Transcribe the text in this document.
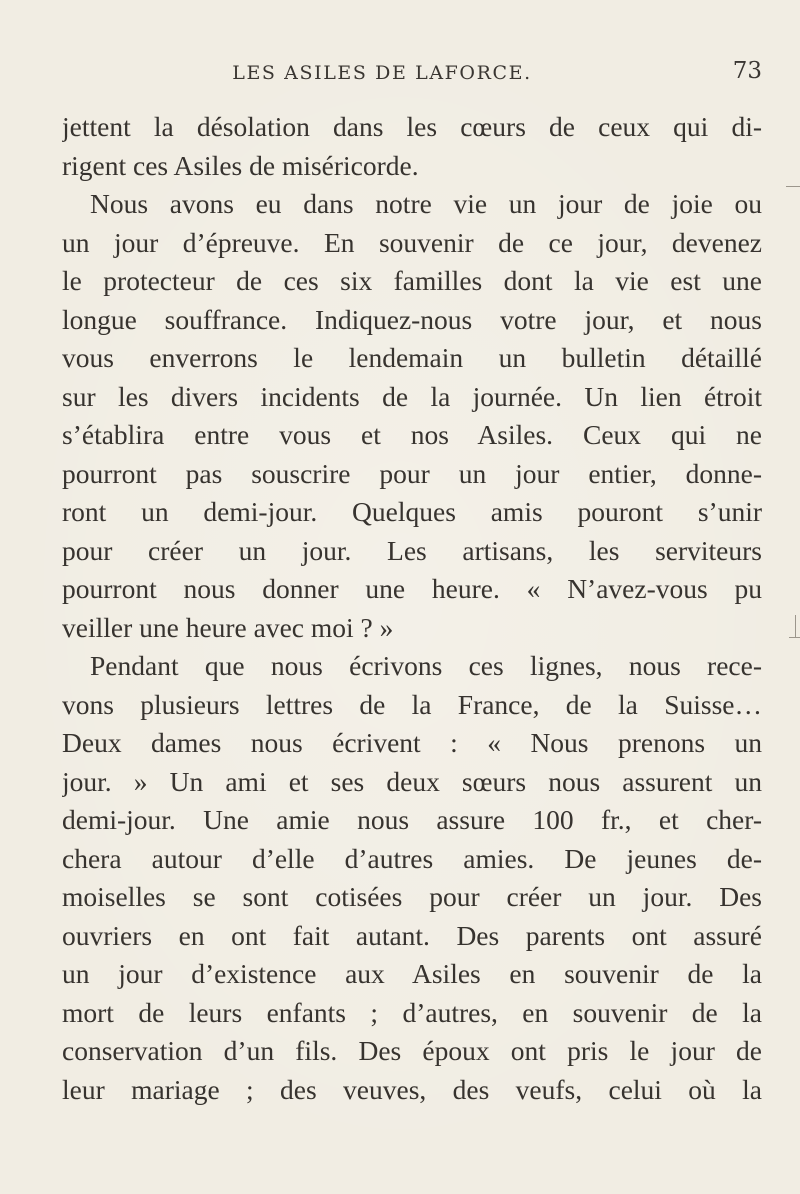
LES ASILES DE LAFORCE.	73
jettent la désolation dans les cœurs de ceux qui di-
rigent ces Asiles de miséricorde.
Nous avons eu dans notre vie un jour de joie ou
un jour d’épreuve. En souvenir de ce jour, devenez
le protecteur de ces six familles dont la vie est une
longue souffrance. Indiquez-nous votre jour, et nous
vous enverrons le lendemain un bulletin détaillé
sur les divers incidents de la journée. Un lien étroit
s’établira entre vous et nos Asiles. Ceux qui ne
pourront pas souscrire pour un jour entier, donne-
ront un demi-jour. Quelques amis pouront s’unir
pour créer un jour. Les artisans, les serviteurs
pourront nous donner une heure. « N’avez-vous pu
veiller une heure avec moi ? »
Pendant que nous écrivons ces lignes, nous rece-
vons plusieurs lettres de la France, de la Suisse…
Deux dames nous écrivent : « Nous prenons un
jour. » Un ami et ses deux sœurs nous assurent un
demi-jour. Une amie nous assure 100 fr., et cher-
chera autour d’elle d’autres amies. De jeunes de-
moiselles se sont cotisées pour créer un jour. Des
ouvriers en ont fait autant. Des parents ont assuré
un jour d’existence aux Asiles en souvenir de la
mort de leurs enfants ; d’autres, en souvenir de la
conservation d’un fils. Des époux ont pris le jour de
leur mariage ; des veuves, des veufs, celui où la
